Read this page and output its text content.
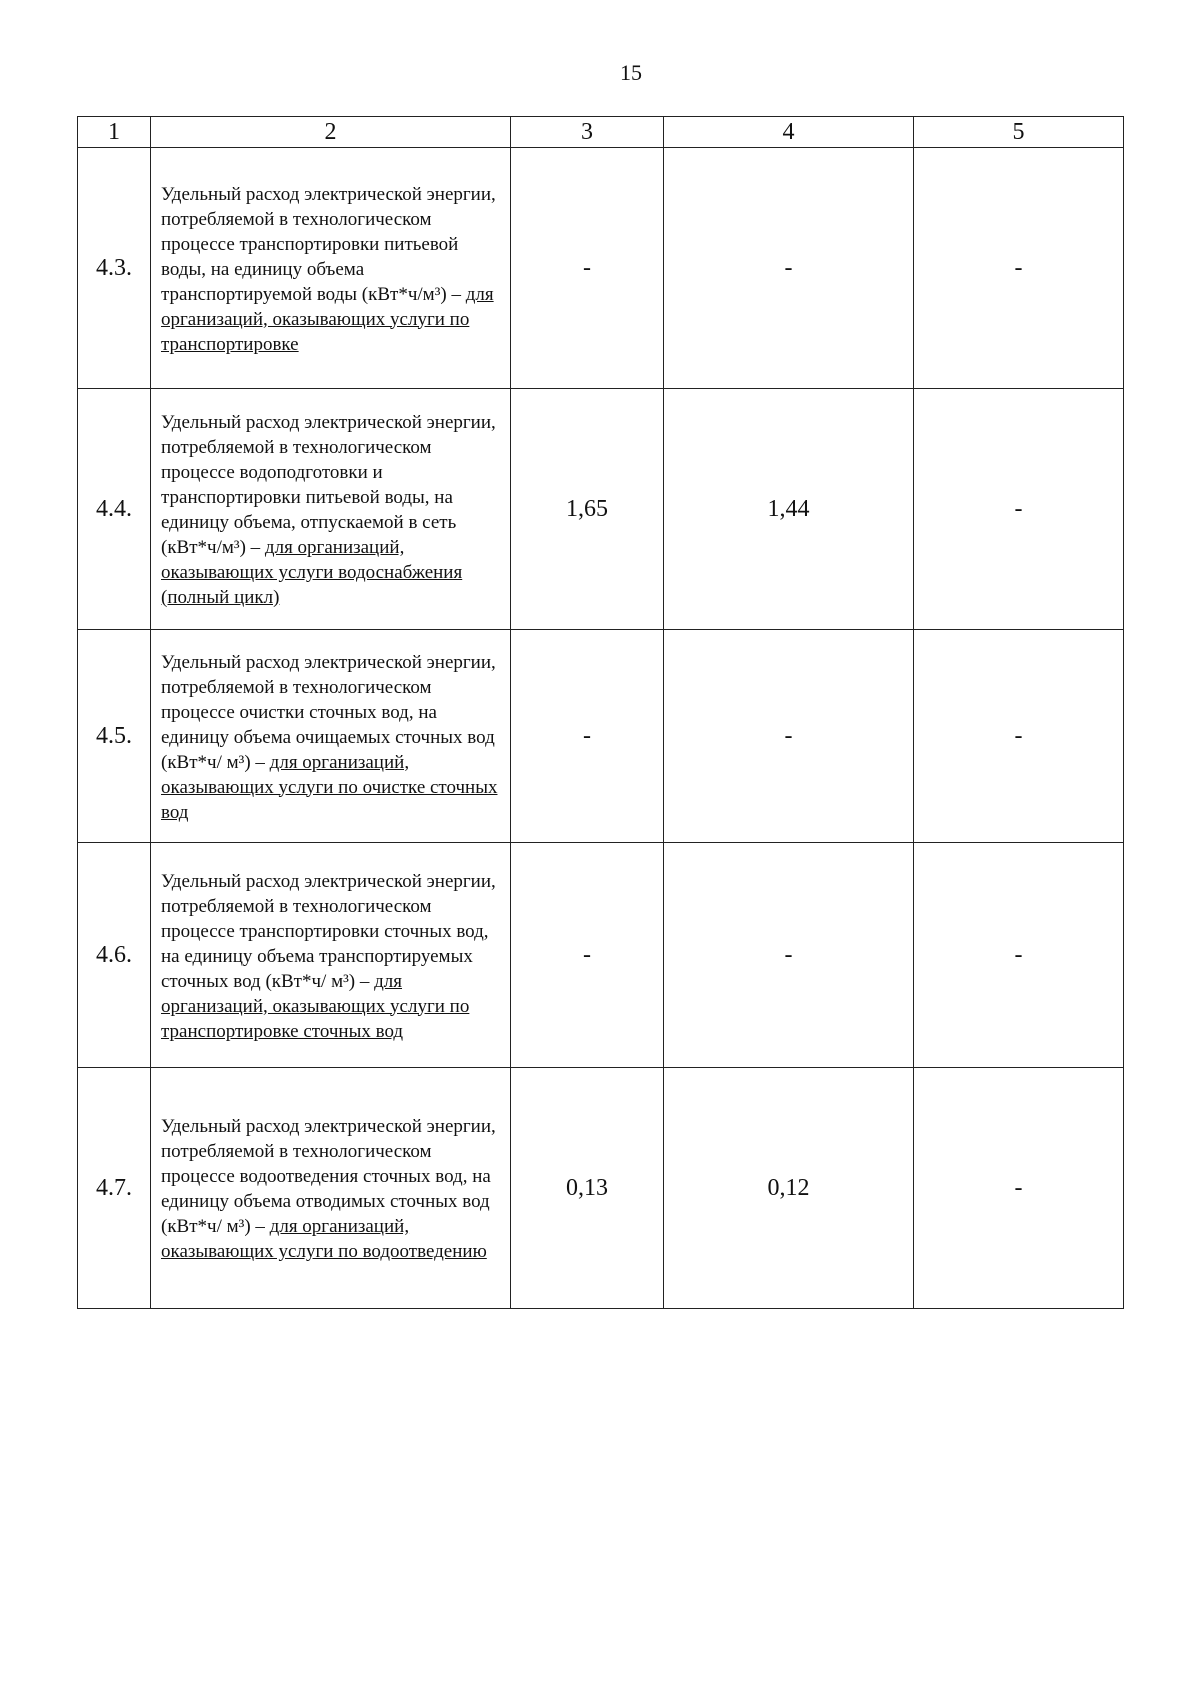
15
1	2	3	4	5
4.3.	Удельный расход электрической энергии, потребляемой в технологическом процессе транспортировки питьевой воды, на единицу объема транспортируемой воды (кВт*ч/м³) – для организаций, оказывающих услуги по транспортировке	-	-	-
4.4.	Удельный расход электрической энергии, потребляемой в технологическом процессе водоподготовки и транспортировки питьевой воды, на единицу объема, отпускаемой в сеть (кВт*ч/м³) – для организаций, оказывающих услуги водоснабжения (полный цикл)	1,65	1,44	-
4.5.	Удельный расход электрической энергии, потребляемой в технологическом процессе очистки сточных вод, на единицу объема очищаемых сточных вод (кВт*ч/ м³) – для организаций, оказывающих услуги по очистке сточных вод	-	-	-
4.6.	Удельный расход электрической энергии, потребляемой в технологическом процессе транспортировки сточных вод, на единицу объема транспортируемых сточных вод (кВт*ч/ м³) – для организаций, оказывающих услуги по транспортировке сточных вод	-	-	-
4.7.	Удельный расход электрической энергии, потребляемой в технологическом процессе водоотведения сточных вод, на единицу объема отводимых сточных вод (кВт*ч/ м³) – для организаций, оказывающих услуги по водоотведению	0,13	0,12	-
